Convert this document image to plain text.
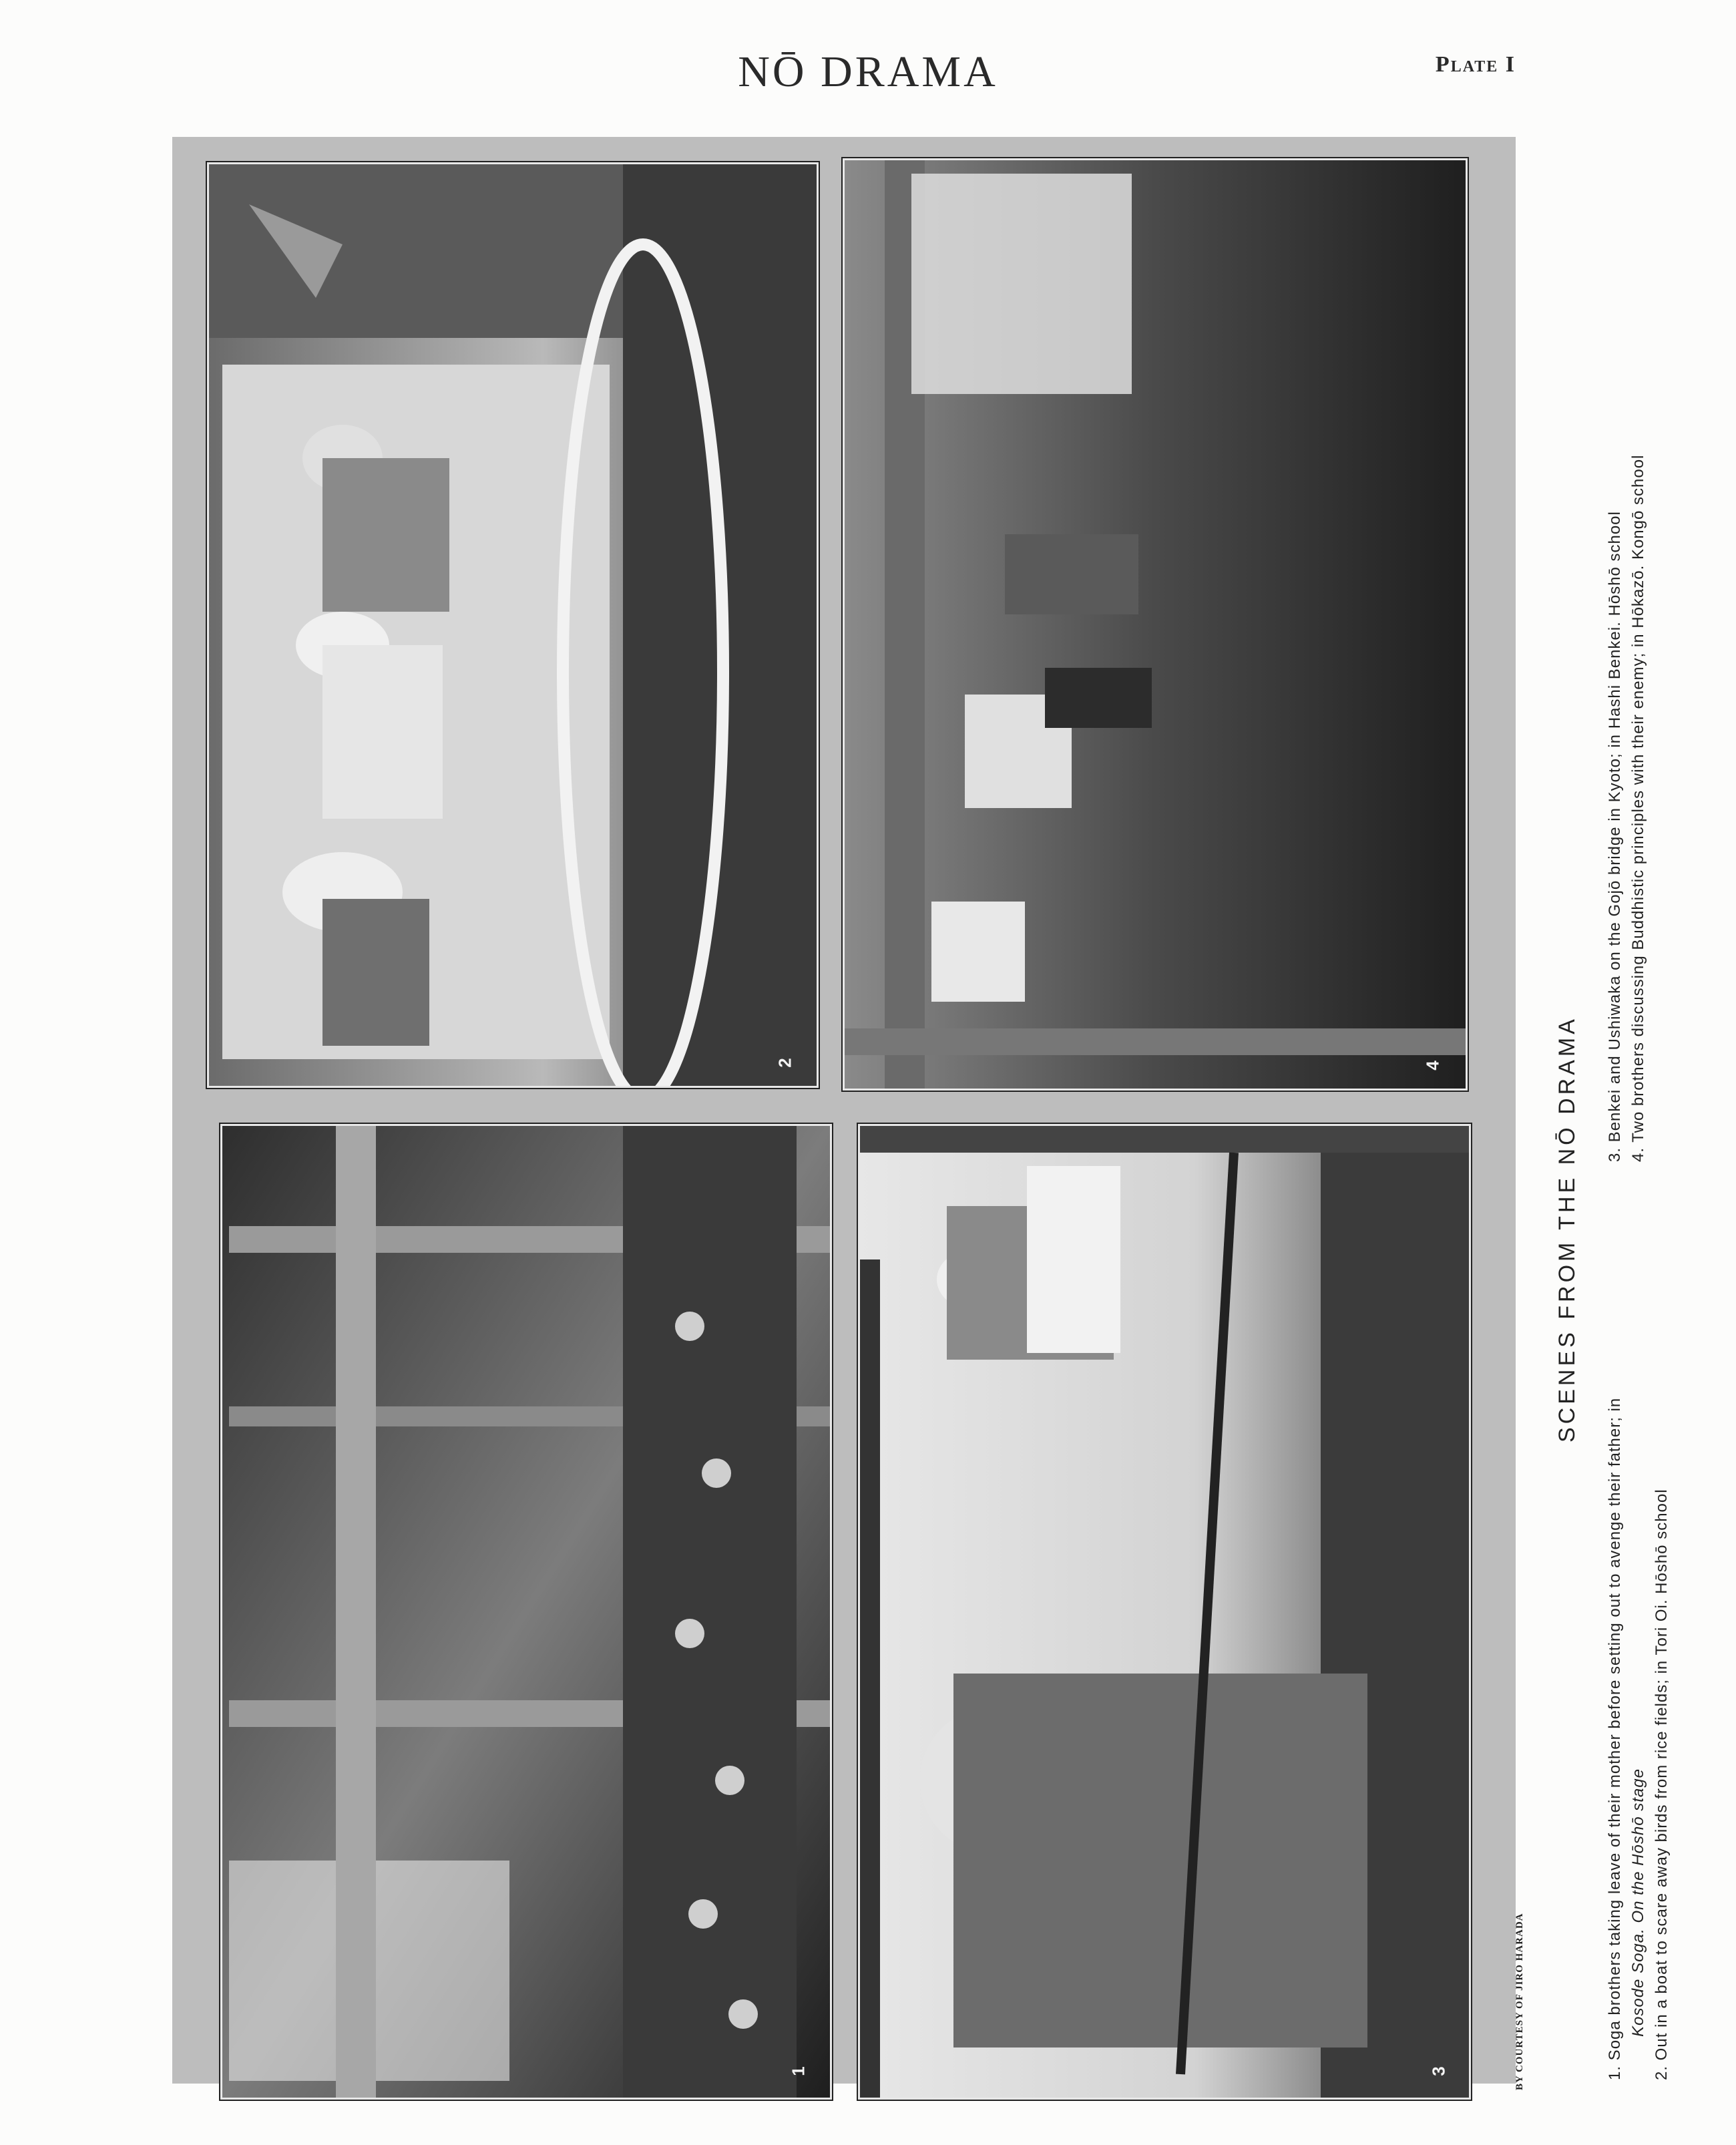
NŌ DRAMA	Plate I
2
1
4
3
SCENES FROM THE NŌ DRAMA
1. Soga brothers taking leave of their mother before setting out to avenge their father; in Kosode Soga. On the Hōshō stage 2. Out in a boat to scare away birds from rice fields; in Tori Oi. Hōshō school
3. Benkei and Ushiwaka on the Gojō bridge in Kyoto; in Hashi Benkei. Hōshō school 4. Two brothers discussing Buddhistic principles with their enemy; in Hōkazō. Kongō school
BY COURTESY OF JIRO HARADA
